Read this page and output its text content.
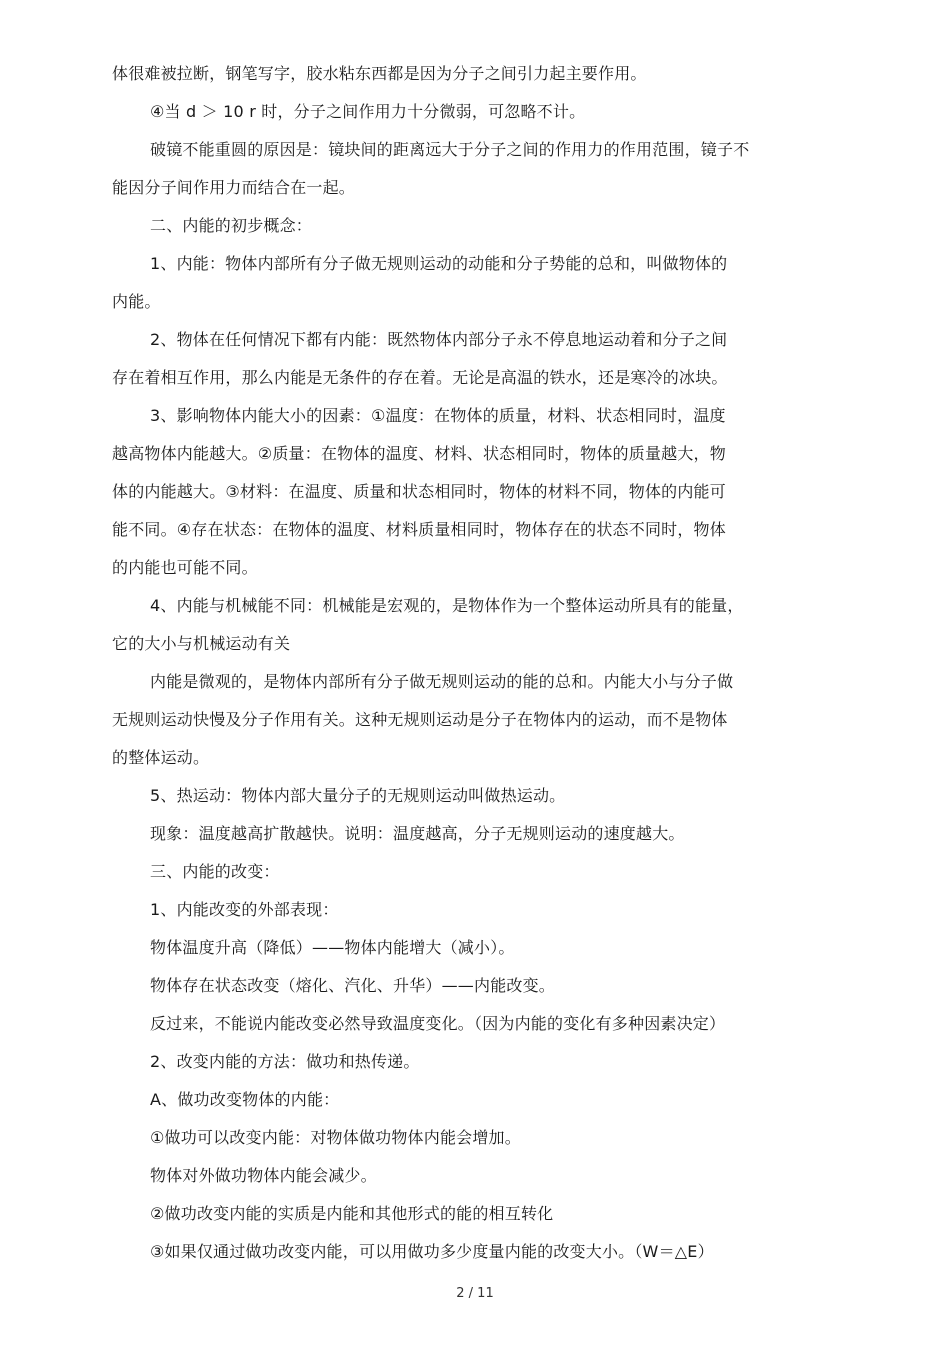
体很难被拉断，钢笔写字，胶水粘东西都是因为分子之间引力起主要作用。
④当 d ＞ 10 r 时，分子之间作用力十分微弱，可忽略不计。
破镜不能重圆的原因是：镜块间的距离远大于分子之间的作用力的作用范围，镜子不
能因分子间作用力而结合在一起。
二、内能的初步概念：
1、内能：物体内部所有分子做无规则运动的动能和分子势能的总和，叫做物体的
内能。
2、物体在任何情况下都有内能：既然物体内部分子永不停息地运动着和分子之间
存在着相互作用，那么内能是无条件的存在着。无论是高温的铁水，还是寒冷的冰块。
3、影响物体内能大小的因素：①温度：在物体的质量，材料、状态相同时，温度
越高物体内能越大。②质量：在物体的温度、材料、状态相同时，物体的质量越大，物
体的内能越大。③材料：在温度、质量和状态相同时，物体的材料不同，物体的内能可
能不同。④存在状态：在物体的温度、材料质量相同时，物体存在的状态不同时，物体
的内能也可能不同。
4、内能与机械能不同：机械能是宏观的，是物体作为一个整体运动所具有的能量，
它的大小与机械运动有关
内能是微观的，是物体内部所有分子做无规则运动的能的总和。内能大小与分子做
无规则运动快慢及分子作用有关。这种无规则运动是分子在物体内的运动，而不是物体
的整体运动。
5、热运动：物体内部大量分子的无规则运动叫做热运动。
现象：温度越高扩散越快。说明：温度越高，分子无规则运动的速度越大。
三、内能的改变：
1、内能改变的外部表现：
物体温度升高（降低）——物体内能增大（减小）。
物体存在状态改变（熔化、汽化、升华）——内能改变。
反过来，不能说内能改变必然导致温度变化。（因为内能的变化有多种因素决定）
2、改变内能的方法：做功和热传递。
A、做功改变物体的内能：
①做功可以改变内能：对物体做功物体内能会增加。
物体对外做功物体内能会减少。
②做功改变内能的实质是内能和其他形式的能的相互转化
③如果仅通过做功改变内能，可以用做功多少度量内能的改变大小。（W＝△E）
2 / 11
